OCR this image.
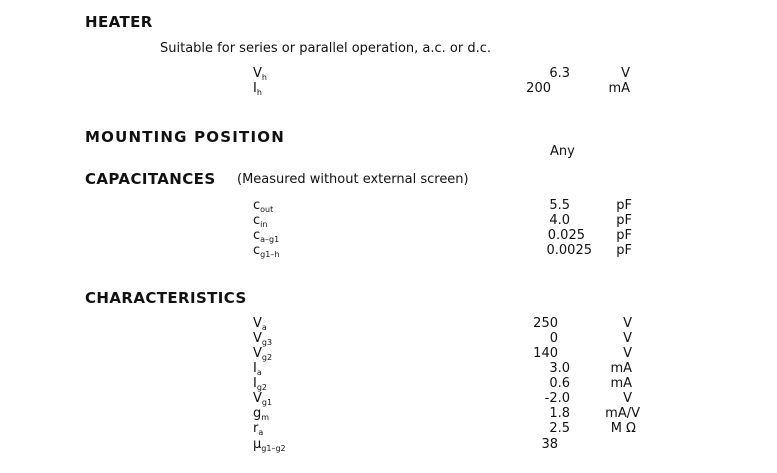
HEATER
Suitable for series or parallel operation, a.c. or d.c.
$V_h$	6.3	V
$I_h$	200	mA
MOUNTING POSITION
Any
CAPACITANCES (Measured without external screen)
$c_{out}$	5.5	pF
$c_{in}$	4.0	pF
$c_{a-g1}$	0.025	pF
$c_{g1-h}$	0.0025	pF
CHARACTERISTICS
$V_a$	250	V
$V_{g3}$	0	V
$V_{g2}$	140	V
$I_a$	3.0	mA
$I_{g2}$	0.6	mA
$V_{g1}$	-2.0	V
$g_m$	1.8	mA/V
$r_a$	2.5	M Ω
$\mu_{g1-g2}$	38
